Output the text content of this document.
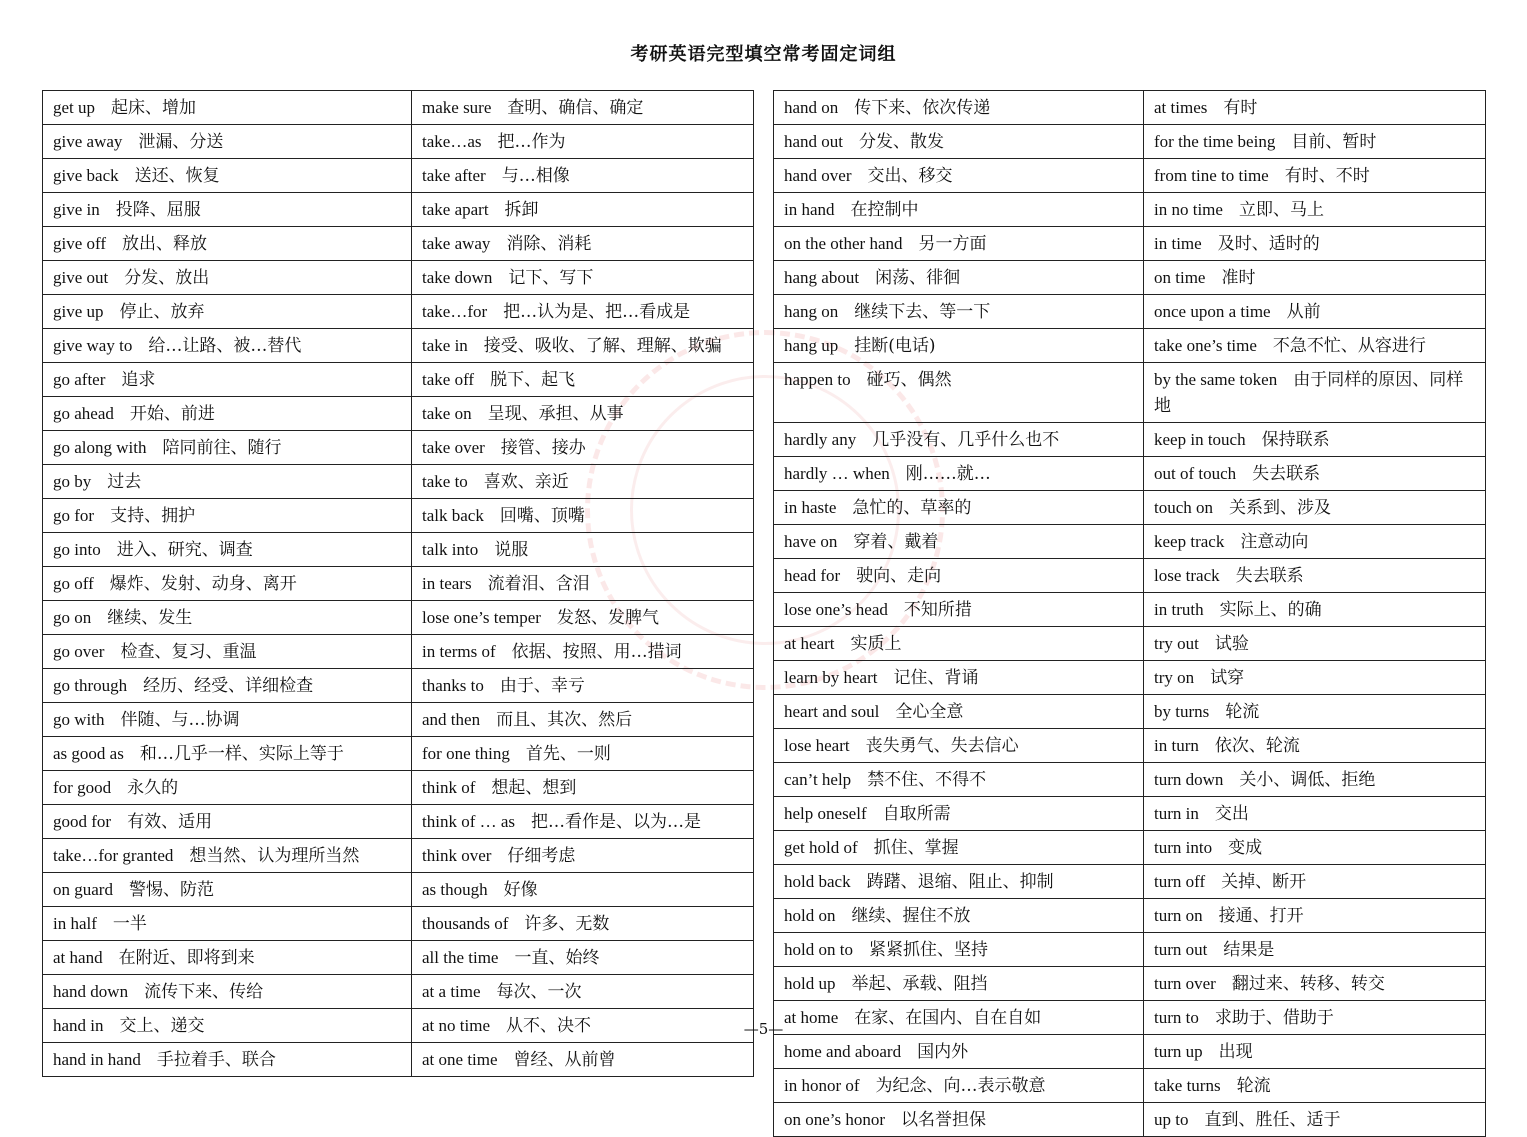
考研英语完型填空常考固定词组
get up 起床、增加	make sure 查明、确信、确定
give away 泄漏、分送	take…as 把…作为
give back 送还、恢复	take after 与…相像
give in 投降、屈服	take apart 拆卸
give off 放出、释放	take away 消除、消耗
give out 分发、放出	take down 记下、写下
give up 停止、放弃	take…for 把…认为是、把…看成是
give way to 给…让路、被…替代	take in 接受、吸收、了解、理解、欺骗
go after 追求	take off 脱下、起飞
go ahead 开始、前进	take on 呈现、承担、从事
go along with 陪同前往、随行	take over 接管、接办
go by 过去	take to 喜欢、亲近
go for 支持、拥护	talk back 回嘴、顶嘴
go into 进入、研究、调查	talk into 说服
go off 爆炸、发射、动身、离开	in tears 流着泪、含泪
go on 继续、发生	lose one’s temper 发怒、发脾气
go over 检查、复习、重温	in terms of 依据、按照、用…措词
go through 经历、经受、详细检查	thanks to 由于、幸亏
go with 伴随、与…协调	and then 而且、其次、然后
as good as 和…几乎一样、实际上等于	for one thing 首先、一则
for good 永久的	think of 想起、想到
good for 有效、适用	think of … as 把…看作是、以为…是
take…for granted 想当然、认为理所当然	think over 仔细考虑
on guard 警惕、防范	as though 好像
in half 一半	thousands of 许多、无数
at hand 在附近、即将到来	all the time 一直、始终
hand down 流传下来、传给	at a time 每次、一次
hand in 交上、递交	at no time 从不、决不
hand in hand 手拉着手、联合	at one time 曾经、从前曾
hand on 传下来、依次传递	at times 有时
hand out 分发、散发	for the time being 目前、暂时
hand over 交出、移交	from tine to time 有时、不时
in hand 在控制中	in no time 立即、马上
on the other hand 另一方面	in time 及时、适时的
hang about 闲荡、徘徊	on time 准时
hang on 继续下去、等一下	once upon a time 从前
hang up 挂断(电话)	take one’s time 不急不忙、从容进行
happen to 碰巧、偶然	by the same token 由于同样的原因、同样地
hardly any 几乎没有、几乎什么也不	keep in touch 保持联系
hardly … when 刚……就…	out of touch 失去联系
in haste 急忙的、草率的	touch on 关系到、涉及
have on 穿着、戴着	keep track 注意动向
head for 驶向、走向	lose track 失去联系
lose one’s head 不知所措	in truth 实际上、的确
at heart 实质上	try out 试验
learn by heart 记住、背诵	try on 试穿
heart and soul 全心全意	by turns 轮流
lose heart 丧失勇气、失去信心	in turn 依次、轮流
can’t help 禁不住、不得不	turn down 关小、调低、拒绝
help oneself 自取所需	turn in 交出
get hold of 抓住、掌握	turn into 变成
hold back 踌躇、退缩、阻止、抑制	turn off 关掉、断开
hold on 继续、握住不放	turn on 接通、打开
hold on to 紧紧抓住、坚持	turn out 结果是
hold up 举起、承载、阻挡	turn over 翻过来、转移、转交
at home 在家、在国内、自在自如	turn to 求助于、借助于
home and aboard 国内外	turn up 出现
in honor of 为纪念、向…表示敬意	take turns 轮流
on one’s honor 以名誉担保	up to 直到、胜任、适于
—5—
